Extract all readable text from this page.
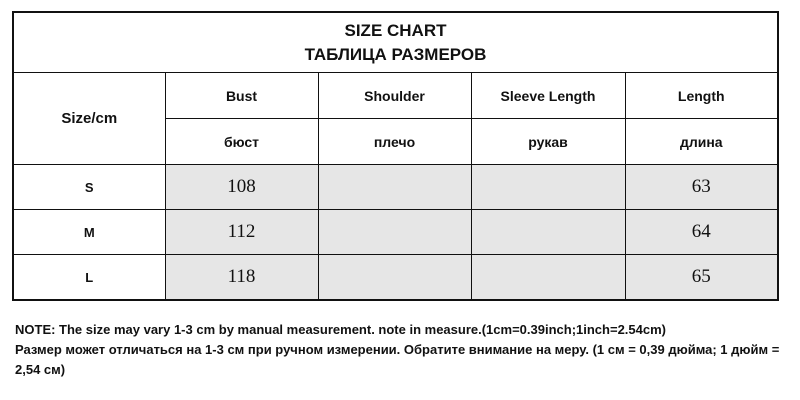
SIZE CHART
ТАБЛИЦА РАЗМЕРОВ				

Size/cm	Bust	Shoulder	Sleeve Length	Length
	бюст	плечо	рукав	длина
S	108			63
M	112			64
L	118			65
NOTE: The size may vary 1-3 cm by manual measurement. note in measure.(1cm=0.39inch;1inch=2.54cm)
Размер может отличаться на 1-3 см при ручном измерении. Обратите внимание на меру. (1 см = 0,39 дюйма; 1 дюйм = 2,54 см)
